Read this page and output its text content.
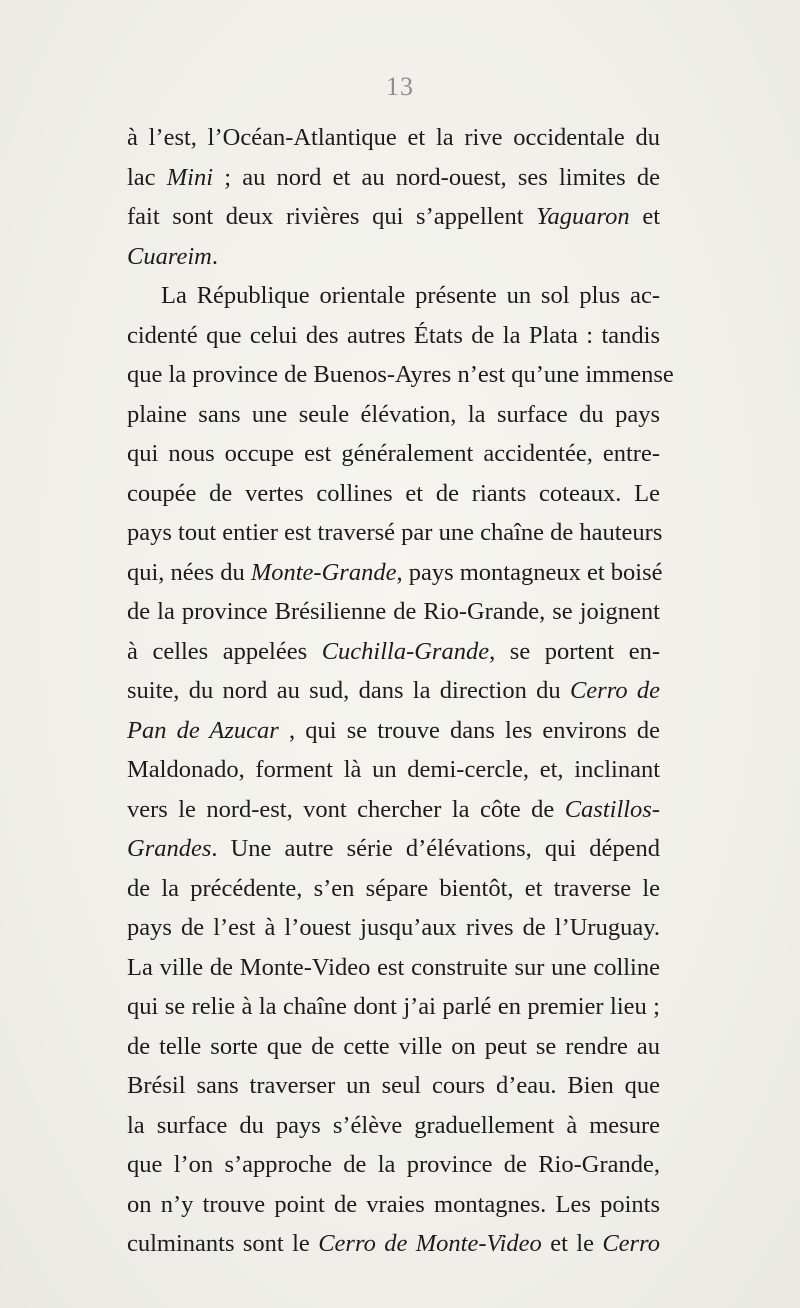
13
à l’est, l’Océan-Atlantique et la rive occidentale du
lac Mini ; au nord et au nord-ouest, ses limites de
fait sont deux rivières qui s’appellent Yaguaron et
Cuareim.
La République orientale présente un sol plus ac-
cidenté que celui des autres États de la Plata : tandis
que la province de Buenos-Ayres n’est qu’une immense
plaine sans une seule élévation, la surface du pays
qui nous occupe est généralement accidentée, entre-
coupée de vertes collines et de riants coteaux. Le
pays tout entier est traversé par une chaîne de hauteurs
qui, nées du Monte-Grande, pays montagneux et boisé
de la province Brésilienne de Rio-Grande, se joignent
à celles appelées Cuchilla-Grande, se portent en-
suite, du nord au sud, dans la direction du Cerro de
Pan de Azucar , qui se trouve dans les environs de
Maldonado, forment là un demi-cercle, et, inclinant
vers le nord-est, vont chercher la côte de Castillos-
Grandes. Une autre série d’élévations, qui dépend
de la précédente, s’en sépare bientôt, et traverse le
pays de l’est à l’ouest jusqu’aux rives de l’Uruguay.
La ville de Monte-Video est construite sur une colline
qui se relie à la chaîne dont j’ai parlé en premier lieu ;
de telle sorte que de cette ville on peut se rendre au
Brésil sans traverser un seul cours d’eau. Bien que
la surface du pays s’élève graduellement à mesure
que l’on s’approche de la province de Rio-Grande,
on n’y trouve point de vraies montagnes. Les points
culminants sont le Cerro de Monte-Video et le Cerro
